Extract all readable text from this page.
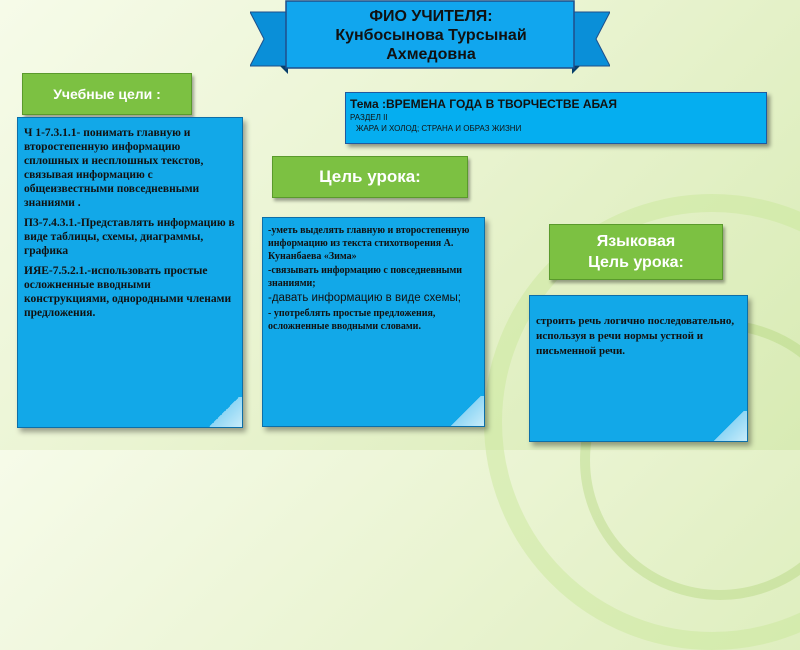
ФИО УЧИТЕЛЯ:
Кунбосынова Турсынай
Ахмедовна
Учебные цели :
Тема :ВРЕМЕНА ГОДА В ТВОРЧЕСТВЕ АБАЯ
РАЗДЕЛ II
ЖАРА И ХОЛОД; СТРАНА И ОБРАЗ ЖИЗНИ

Ч 1-7.3.1.1- понимать главную и второстепенную информацию сплошных и несплошных текстов, связывая информацию с общеизвестными повседневными знаниями .

П3-7.4.3.1.-Представлять информацию в виде таблицы, схемы, диаграммы, графика

ИЯЕ-7.5.2.1.-использовать простые осложненные вводными конструкциями, однородными членами предложения.

Цель урока:

-уметь выделять главную и второстепенную информацию из текста стихотворения А. Кунанбаева «Зима»

-связывать информацию с повседневными знаниями;

-давать информацию в виде схемы;

- употреблять простые предложения, осложненные вводными словами.

Языковая
Цель урока:

строить речь логично последовательно, используя в речи нормы устной и письменной речи.
